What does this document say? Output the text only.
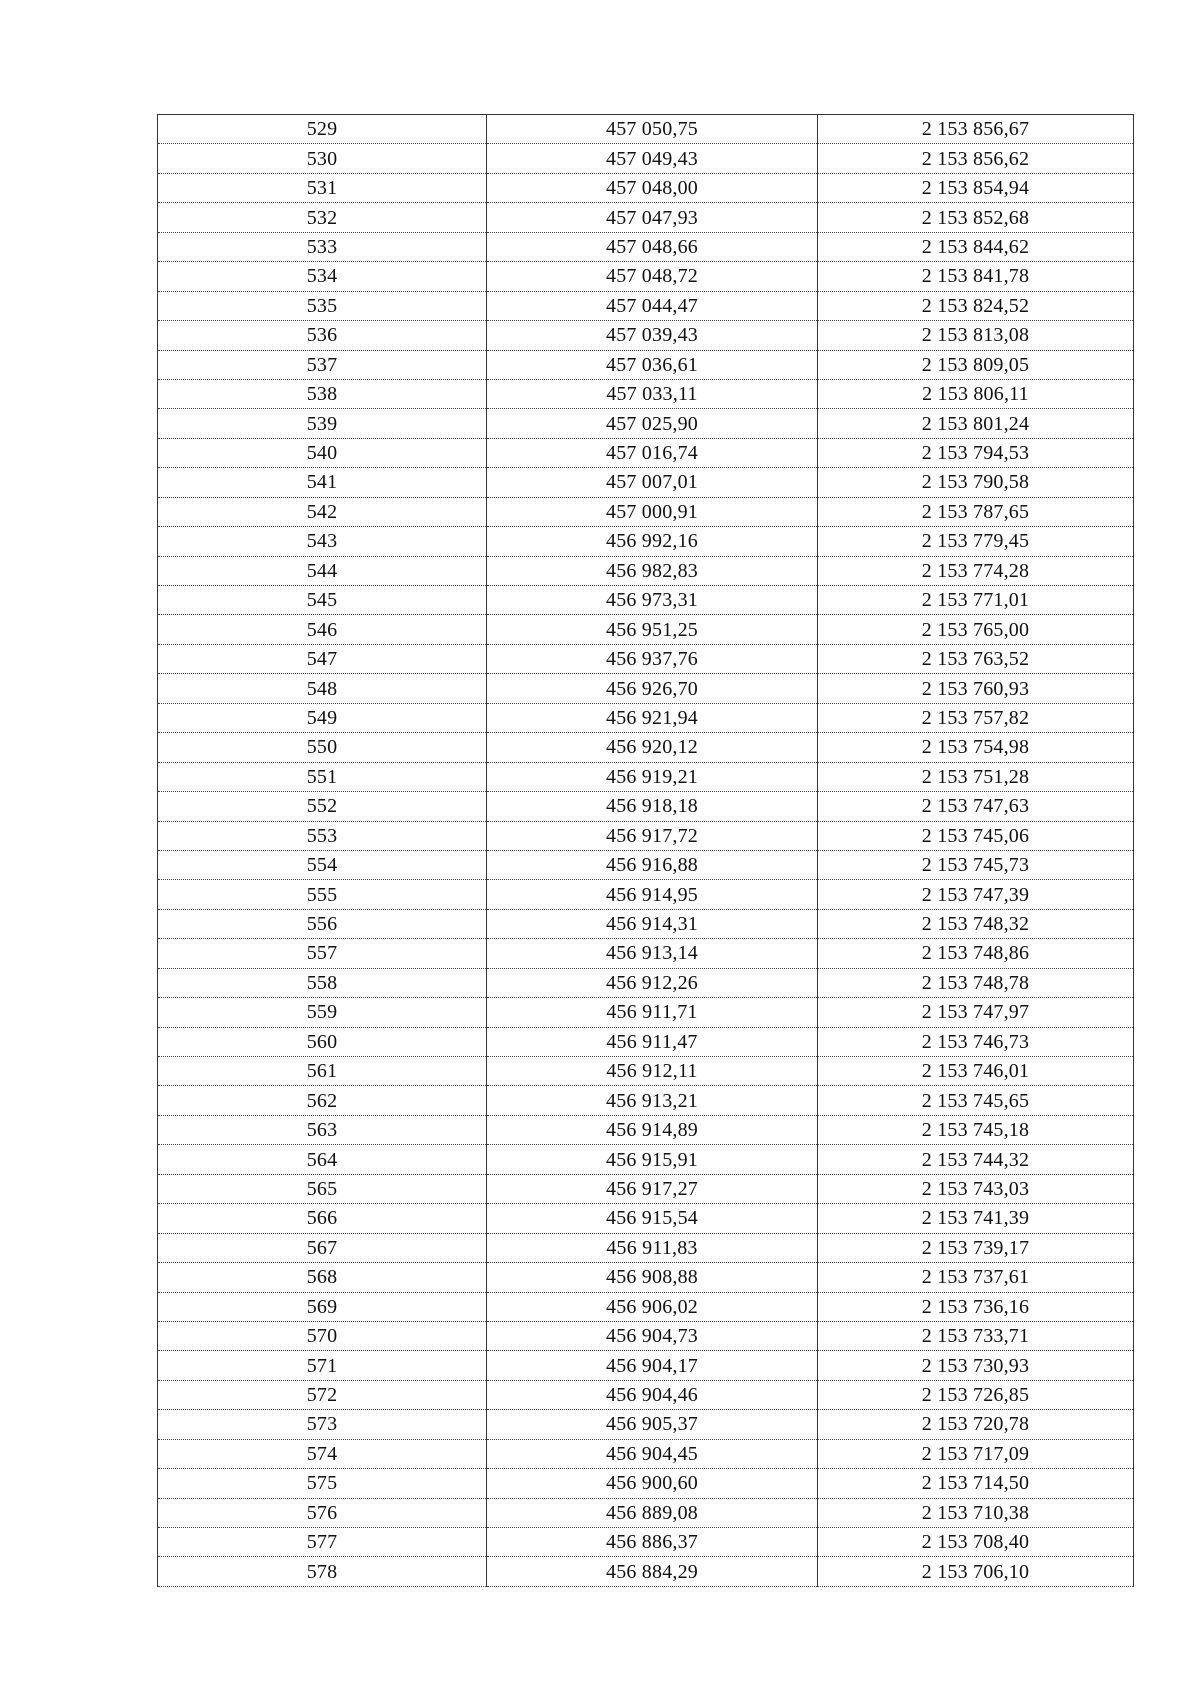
529	457 050,75	2 153 856,67
530	457 049,43	2 153 856,62
531	457 048,00	2 153 854,94
532	457 047,93	2 153 852,68
533	457 048,66	2 153 844,62
534	457 048,72	2 153 841,78
535	457 044,47	2 153 824,52
536	457 039,43	2 153 813,08
537	457 036,61	2 153 809,05
538	457 033,11	2 153 806,11
539	457 025,90	2 153 801,24
540	457 016,74	2 153 794,53
541	457 007,01	2 153 790,58
542	457 000,91	2 153 787,65
543	456 992,16	2 153 779,45
544	456 982,83	2 153 774,28
545	456 973,31	2 153 771,01
546	456 951,25	2 153 765,00
547	456 937,76	2 153 763,52
548	456 926,70	2 153 760,93
549	456 921,94	2 153 757,82
550	456 920,12	2 153 754,98
551	456 919,21	2 153 751,28
552	456 918,18	2 153 747,63
553	456 917,72	2 153 745,06
554	456 916,88	2 153 745,73
555	456 914,95	2 153 747,39
556	456 914,31	2 153 748,32
557	456 913,14	2 153 748,86
558	456 912,26	2 153 748,78
559	456 911,71	2 153 747,97
560	456 911,47	2 153 746,73
561	456 912,11	2 153 746,01
562	456 913,21	2 153 745,65
563	456 914,89	2 153 745,18
564	456 915,91	2 153 744,32
565	456 917,27	2 153 743,03
566	456 915,54	2 153 741,39
567	456 911,83	2 153 739,17
568	456 908,88	2 153 737,61
569	456 906,02	2 153 736,16
570	456 904,73	2 153 733,71
571	456 904,17	2 153 730,93
572	456 904,46	2 153 726,85
573	456 905,37	2 153 720,78
574	456 904,45	2 153 717,09
575	456 900,60	2 153 714,50
576	456 889,08	2 153 710,38
577	456 886,37	2 153 708,40
578	456 884,29	2 153 706,10
